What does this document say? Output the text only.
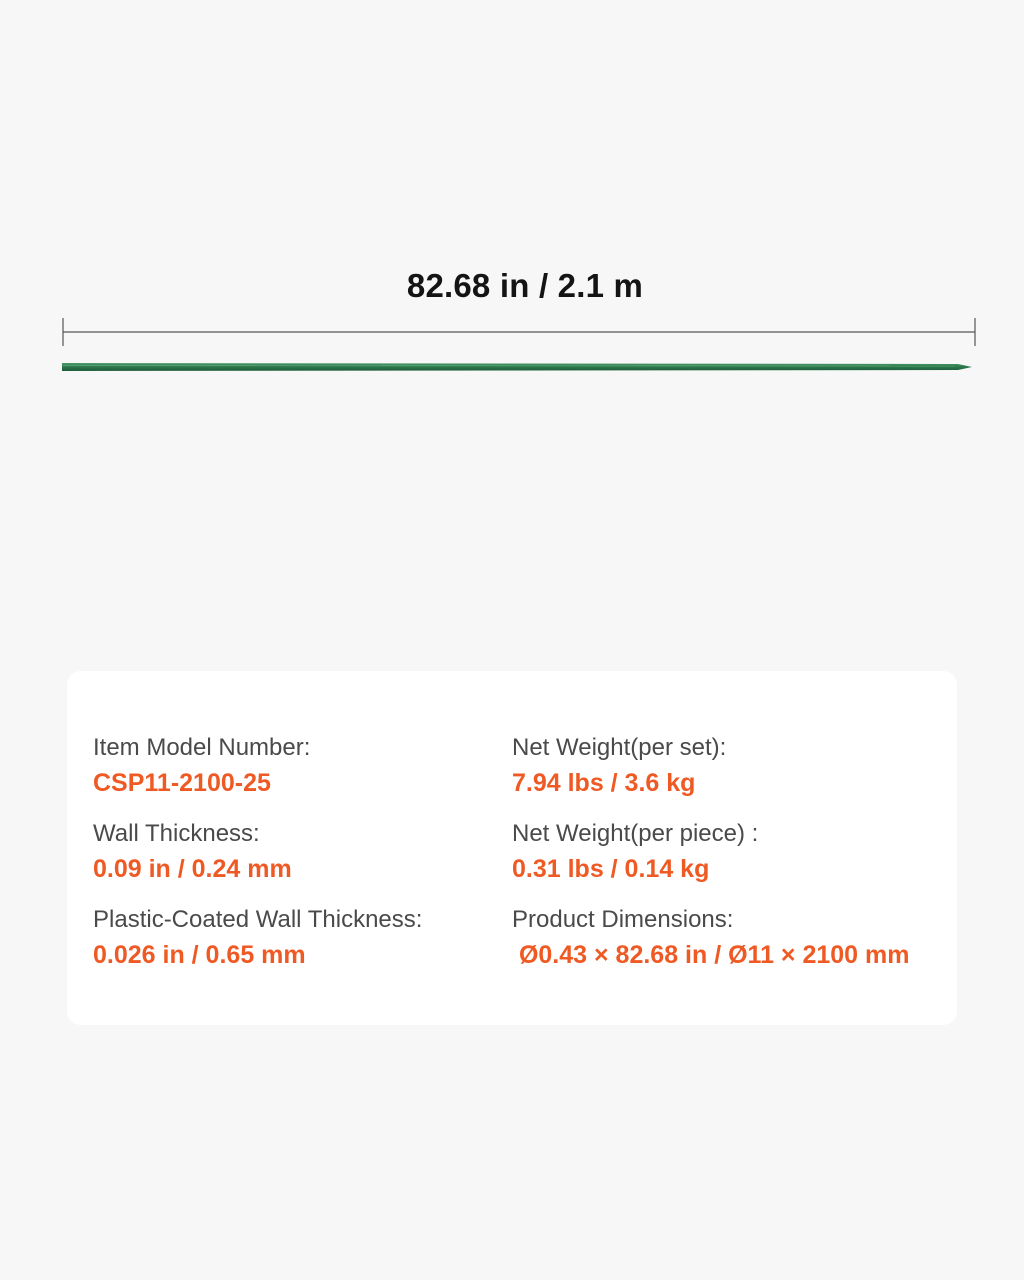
82.68 in / 2.1 m
Item Model Number:
CSP11-2100-25
Net Weight(per set):
7.94 lbs / 3.6 kg
Wall Thickness:
0.09 in / 0.24 mm
Net Weight(per piece) :
0.31 lbs / 0.14 kg
Plastic-Coated Wall Thickness:
0.026 in / 0.65 mm
Product Dimensions:
Ø0.43 × 82.68 in / Ø11 × 2100 mm
